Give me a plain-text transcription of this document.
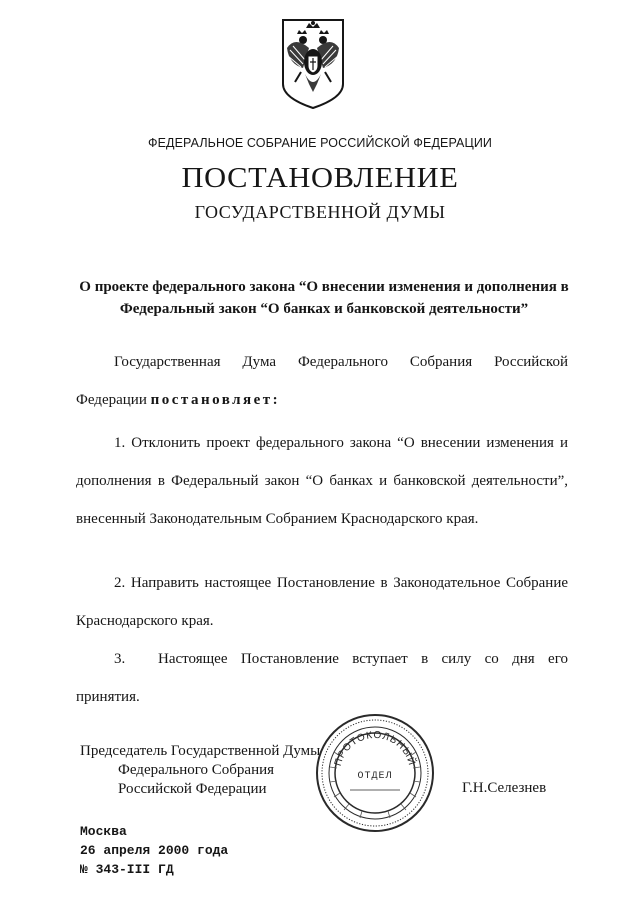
ФЕДЕРАЛЬНОЕ СОБРАНИЕ РОССИЙСКОЙ ФЕДЕРАЦИИ
ПОСТАНОВЛЕНИЕ
ГОСУДАРСТВЕННОЙ ДУМЫ
О проекте федерального закона “О внесении изменения и дополнения в Федеральный закон “О банках и банковской деятельности”
Государственная Дума Федерального Собрания Российской Федерации постановляет:
1. Отклонить проект федерального закона “О внесении изменения и дополнения в Федеральный закон “О банках и банковской деятельности”, внесенный Законодательным Собранием Краснодарского края.
2. Направить настоящее Постановление в Законодательное Собрание Краснодарского края.
3.	Настоящее Постановление вступает в силу со дня его принятия.
Председатель Государственной Думы
Федерального Собрания
Российской Федерации	Г.Н.Селезнев
ПРОТОКОЛЬНЫЙ
ОТДЕЛ
Москва
26 апреля 2000 года
№ 343-III ГД
